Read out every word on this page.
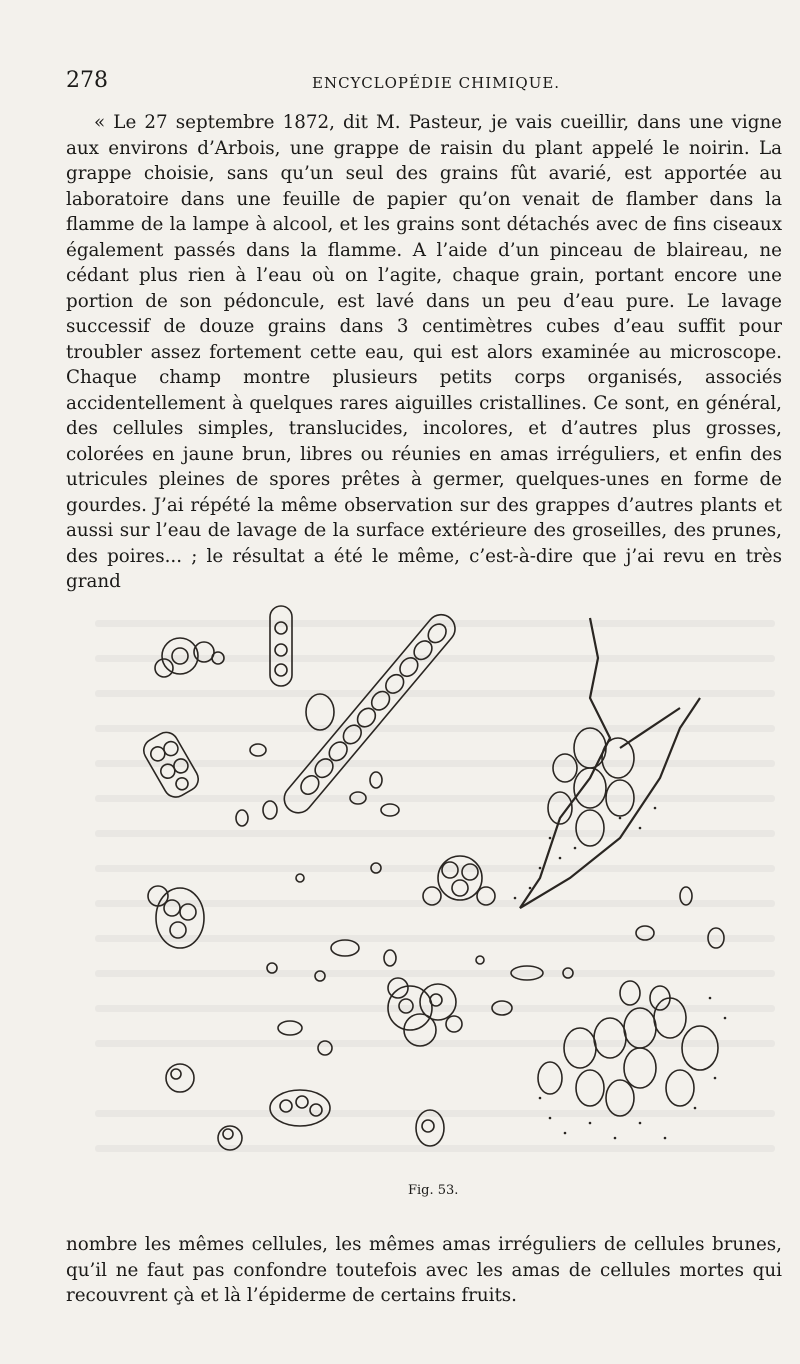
278	ENCYCLOPÉDIE CHIMIQUE.

« Le 27 septembre 1872, dit M. Pasteur, je vais cueillir, dans une vigne aux environs d’Arbois, une grappe de raisin du plant appelé le noirin. La grappe choisie, sans qu’un seul des grains fût avarié, est apportée au laboratoire dans une feuille de papier qu’on venait de flamber dans la flamme de la lampe à alcool, et les grains sont détachés avec de fins ciseaux également passés dans la flamme. A l’aide d’un pinceau de blaireau, ne cédant plus rien à l’eau où on l’agite, chaque grain, portant encore une portion de son pédoncule, est lavé dans un peu d’eau pure. Le lavage successif de douze grains dans 3 centimètres cubes d’eau suffit pour troubler assez fortement cette eau, qui est alors examinée au microscope. Chaque champ montre plusieurs petits corps organisés, associés accidentellement à quelques rares aiguilles cristallines. Ce sont, en général, des cellules simples, translucides, incolores, et d’autres plus grosses, colorées en jaune brun, libres ou réunies en amas irréguliers, et enfin des utricules pleines de spores prêtes à germer, quelques-unes en forme de gourdes. J’ai répété la même observation sur des grappes d’autres plants et aussi sur l’eau de lavage de la surface extérieure des groseilles, des prunes, des poires... ; le résultat a été le même, c’est-à-dire que j’ai revu en très grand

Fig. 53.

nombre les mêmes cellules, les mêmes amas irréguliers de cellules brunes, qu’il ne faut pas confondre toutefois avec les amas de cellules mortes qui recouvrent çà et là l’épiderme de certains fruits.
